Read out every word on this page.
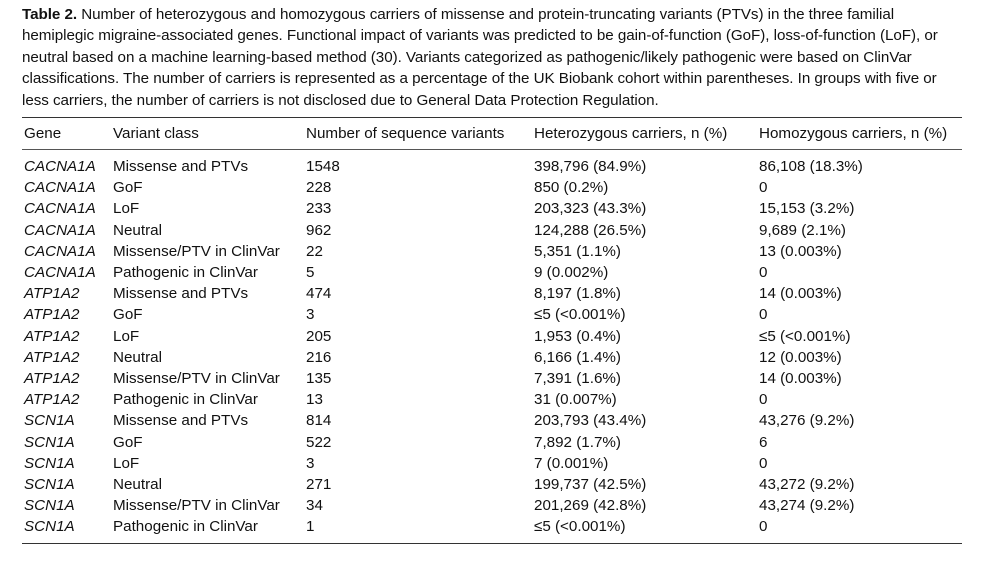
Table 2. Number of heterozygous and homozygous carriers of missense and protein-truncating variants (PTVs) in the three familial hemiplegic migraine-associated genes. Functional impact of variants was predicted to be gain-of-function (GoF), loss-of-function (LoF), or neutral based on a machine learning-based method (30). Variants categorized as pathogenic/likely pathogenic were based on ClinVar classifications. The number of carriers is represented as a percentage of the UK Biobank cohort within parentheses. In groups with five or less carriers, the number of carriers is not disclosed due to General Data Protection Regulation.

Gene	Variant class	Number of sequence variants	Heterozygous carriers, n (%)	Homozygous carriers, n (%)

CACNA1A	Missense and PTVs	1548	398,796 (84.9%)	86,108 (18.3%)
CACNA1A	GoF	228	850 (0.2%)	0
CACNA1A	LoF	233	203,323 (43.3%)	15,153 (3.2%)
CACNA1A	Neutral	962	124,288 (26.5%)	9,689 (2.1%)
CACNA1A	Missense/PTV in ClinVar	22	5,351 (1.1%)	13 (0.003%)
CACNA1A	Pathogenic in ClinVar	5	9 (0.002%)	0
ATP1A2	Missense and PTVs	474	8,197 (1.8%)	14 (0.003%)
ATP1A2	GoF	3	≤5 (<0.001%)	0
ATP1A2	LoF	205	1,953 (0.4%)	≤5 (<0.001%)
ATP1A2	Neutral	216	6,166 (1.4%)	12 (0.003%)
ATP1A2	Missense/PTV in ClinVar	135	7,391 (1.6%)	14 (0.003%)
ATP1A2	Pathogenic in ClinVar	13	31 (0.007%)	0
SCN1A	Missense and PTVs	814	203,793 (43.4%)	43,276 (9.2%)
SCN1A	GoF	522	7,892 (1.7%)	6
SCN1A	LoF	3	7 (0.001%)	0
SCN1A	Neutral	271	199,737 (42.5%)	43,272 (9.2%)
SCN1A	Missense/PTV in ClinVar	34	201,269 (42.8%)	43,274 (9.2%)
SCN1A	Pathogenic in ClinVar	1	≤5 (<0.001%)	0
